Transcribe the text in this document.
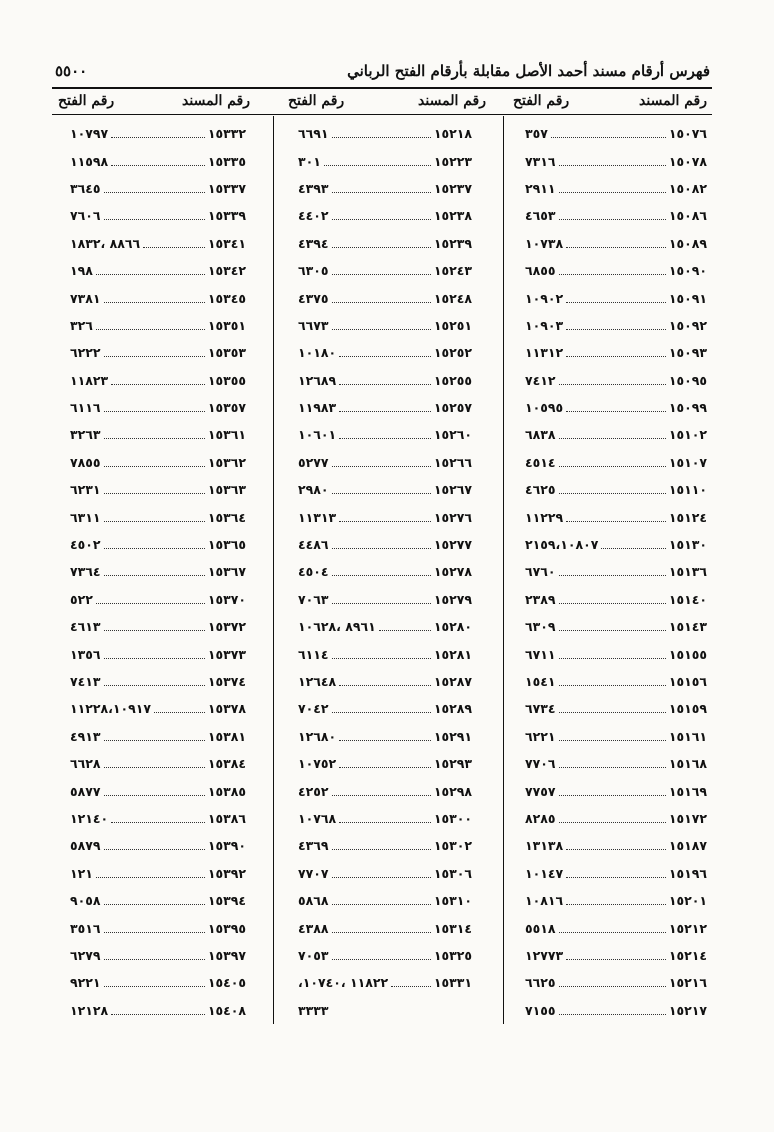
فهرس أرقام مسند أحمد الأصل مقابلة بأرقام الفتح الرباني
٥٥٠٠
رقم المسند
رقم الفتح
رقم المسند
رقم الفتح
رقم المسند
رقم الفتح
١٥٠٧٦
٣٥٧
١٥٠٧٨
٧٣١٦
١٥٠٨٢
٢٩١١
١٥٠٨٦
٤٦٥٣
١٥٠٨٩
١٠٧٣٨
١٥٠٩٠
٦٨٥٥
١٥٠٩١
١٠٩٠٢
١٥٠٩٢
١٠٩٠٣
١٥٠٩٣
١١٣١٢
١٥٠٩٥
٧٤١٢
١٥٠٩٩
١٠٥٩٥
١٥١٠٢
٦٨٣٨
١٥١٠٧
٤٥١٤
١٥١١٠
٤٦٢٥
١٥١٢٤
١١٢٢٩
١٥١٣٠
٢١٥٩،١٠٨٠٧
١٥١٣٦
٦٧٦٠
١٥١٤٠
٢٣٨٩
١٥١٤٣
٦٣٠٩
١٥١٥٥
٦٧١١
١٥١٥٦
١٥٤١
١٥١٥٩
٦٧٣٤
١٥١٦١
٦٢٢١
١٥١٦٨
٧٧٠٦
١٥١٦٩
٧٧٥٧
١٥١٧٢
٨٢٨٥
١٥١٨٧
١٣١٣٨
١٥١٩٦
١٠١٤٧
١٥٢٠١
١٠٨١٦
١٥٢١٢
٥٥١٨
١٥٢١٤
١٢٧٧٣
١٥٢١٦
٦٦٢٥
١٥٢١٧
٧١٥٥
١٥٢١٨
٦٦٩١
١٥٢٢٣
٣٠١
١٥٢٣٧
٤٣٩٣
١٥٢٣٨
٤٤٠٢
١٥٢٣٩
٤٣٩٤
١٥٢٤٣
٦٣٠٥
١٥٢٤٨
٤٣٧٥
١٥٢٥١
٦٦٧٣
١٥٢٥٢
١٠١٨٠
١٥٢٥٥
١٢٦٨٩
١٥٢٥٧
١١٩٨٣
١٥٢٦٠
١٠٦٠١
١٥٢٦٦
٥٢٧٧
١٥٢٦٧
٢٩٨٠
١٥٢٧٦
١١٣١٣
١٥٢٧٧
٤٤٨٦
١٥٢٧٨
٤٥٠٤
١٥٢٧٩
٧٠٦٣
١٥٢٨٠
٨٩٦١ ،١٠٦٢٨
١٥٢٨١
٦١١٤
١٥٢٨٧
١٢٦٤٨
١٥٢٨٩
٧٠٤٢
١٥٢٩١
١٢٦٨٠
١٥٢٩٣
١٠٧٥٢
١٥٢٩٨
٤٢٥٢
١٥٣٠٠
١٠٧٦٨
١٥٣٠٢
٤٣٦٩
١٥٣٠٦
٧٧٠٧
١٥٣١٠
٥٨٦٨
١٥٣١٤
٤٣٨٨
١٥٣٢٥
٧٠٥٣
١٥٣٣١
١١٨٢٢ ،١٠٧٤٠،
٣٣٣٣
١٥٣٣٢
١٠٧٩٧
١٥٣٣٥
١١٥٩٨
١٥٣٣٧
٣٦٤٥
١٥٣٣٩
٧٦٠٦
١٥٣٤١
٨٨٦٦ ،١٨٣٢
١٥٣٤٢
١٩٨
١٥٣٤٥
٧٣٨١
١٥٣٥١
٣٢٦
١٥٣٥٣
٦٢٢٢
١٥٣٥٥
١١٨٢٣
١٥٣٥٧
٦١١٦
١٥٣٦١
٣٢٦٣
١٥٣٦٢
٧٨٥٥
١٥٣٦٣
٦٢٣١
١٥٣٦٤
٦٣١١
١٥٣٦٥
٤٥٠٢
١٥٣٦٧
٧٣٦٤
١٥٣٧٠
٥٢٢
١٥٣٧٢
٤٦١٣
١٥٣٧٣
١٣٥٦
١٥٣٧٤
٧٤١٣
١٥٣٧٨
١١٢٢٨،١٠٩١٧
١٥٣٨١
٤٩١٣
١٥٣٨٤
٦٦٢٨
١٥٣٨٥
٥٨٧٧
١٥٣٨٦
١٢١٤٠
١٥٣٩٠
٥٨٧٩
١٥٣٩٢
١٢١
١٥٣٩٤
٩٠٥٨
١٥٣٩٥
٣٥١٦
١٥٣٩٧
٦٢٧٩
١٥٤٠٥
٩٢٢١
١٥٤٠٨
١٢١٢٨
